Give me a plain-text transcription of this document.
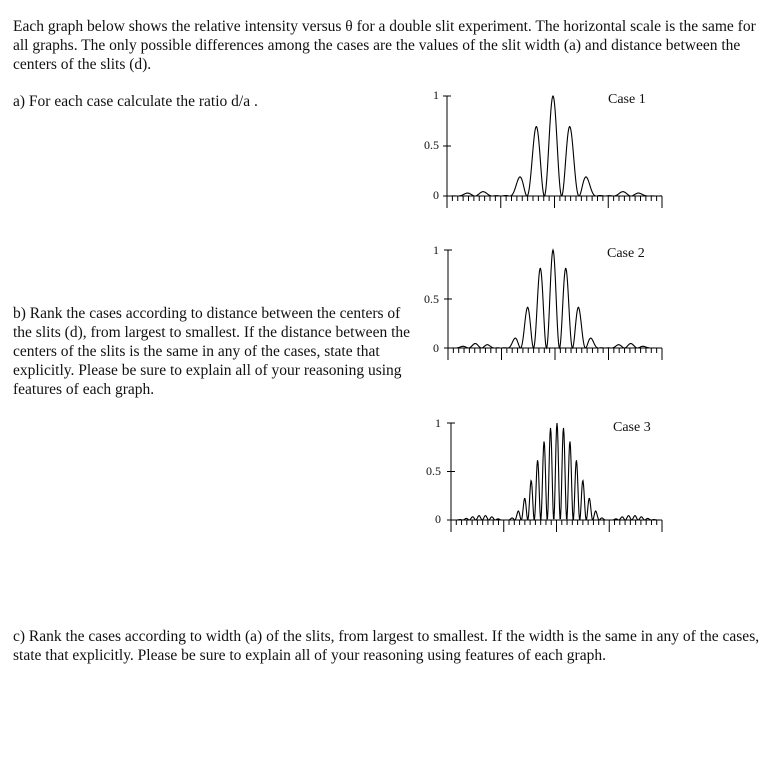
Each graph below shows the relative intensity versus θ for a double slit experiment. The horizontal scale is the same for all graphs. The only possible differences among the cases are the values of the slit width (a) and distance between the centers of the slits (d).
a) For each case calculate the ratio d/a .
b) Rank the cases according to distance between the centers of the slits (d), from largest to smallest. If the distance between the centers of the slits is the same in any of the cases, state that explicitly. Please be sure to explain all of your reasoning using features of each graph.
c) Rank the cases according to width (a) of the slits, from largest to smallest. If the width is the same in any of the cases, state that explicitly. Please be sure to explain all of your reasoning using features of each graph.
1
0.5
0
Case 1
1
0.5
0
Case 2
1
0.5
0
Case 3
